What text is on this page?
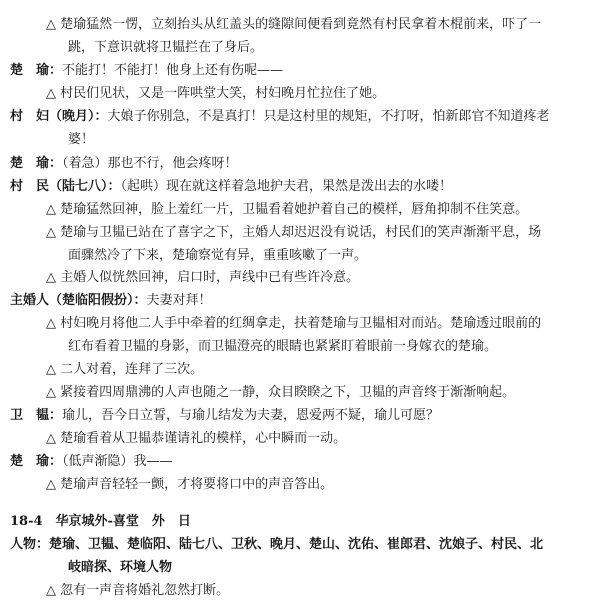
△ 楚瑜猛然一愣，立刻抬头从红盖头的缝隙间便看到竟然有村民拿着木棍前来，吓了一
跳，下意识就将卫韫拦在了身后。
楚　瑜：不能打！不能打！他身上还有伤呢——
△ 村民们见状，又是一阵哄堂大笑，村妇晚月忙拉住了她。
村　妇（晚月）：大娘子你别急，不是真打！只是这村里的规矩，不打呀，怕新郎官不知道疼老
婆！
楚　瑜：（着急）那也不行，他会疼呀！
村　民（陆七八）：（起哄）现在就这样着急地护夫君，果然是泼出去的水喽！
△ 楚瑜猛然回神，脸上羞红一片，卫韫看着她护着自己的模样，唇角抑制不住笑意。
△ 楚瑜与卫韫已站在了喜字之下，主婚人却迟迟没有说话，村民们的笑声渐渐平息，场
面骤然冷了下来，楚瑜察觉有异，重重咳嗽了一声。
△ 主婚人似恍然回神，启口时，声线中已有些许冷意。
主婚人（楚临阳假扮）：夫妻对拜！
△ 村妇晚月将他二人手中牵着的红绸拿走，扶着楚瑜与卫韫相对而站。楚瑜透过眼前的
红布看着卫韫的身影，而卫韫澄亮的眼睛也紧紧盯着眼前一身嫁衣的楚瑜。
△ 二人对着，连拜了三次。
△ 紧接着四周鼎沸的人声也随之一静，众目睽睽之下，卫韫的声音终于渐渐响起。
卫　韫：瑜儿，吾今日立誓，与瑜儿结发为夫妻，恩爱两不疑，瑜儿可愿？
△ 楚瑜看着从卫韫恭谨请礼的模样，心中瞬而一动。
楚　瑜：（低声渐隐）我——
△ 楚瑜声音轻轻一颤，才将要将口中的声音答出。
18-4　华京城外-喜堂　外　日
人物：楚瑜、卫韫、楚临阳、陆七八、卫秋、晚月、楚山、沈佑、崔郎君、沈娘子、村民、北
岐暗探、环境人物
△ 忽有一声音将婚礼忽然打断。
